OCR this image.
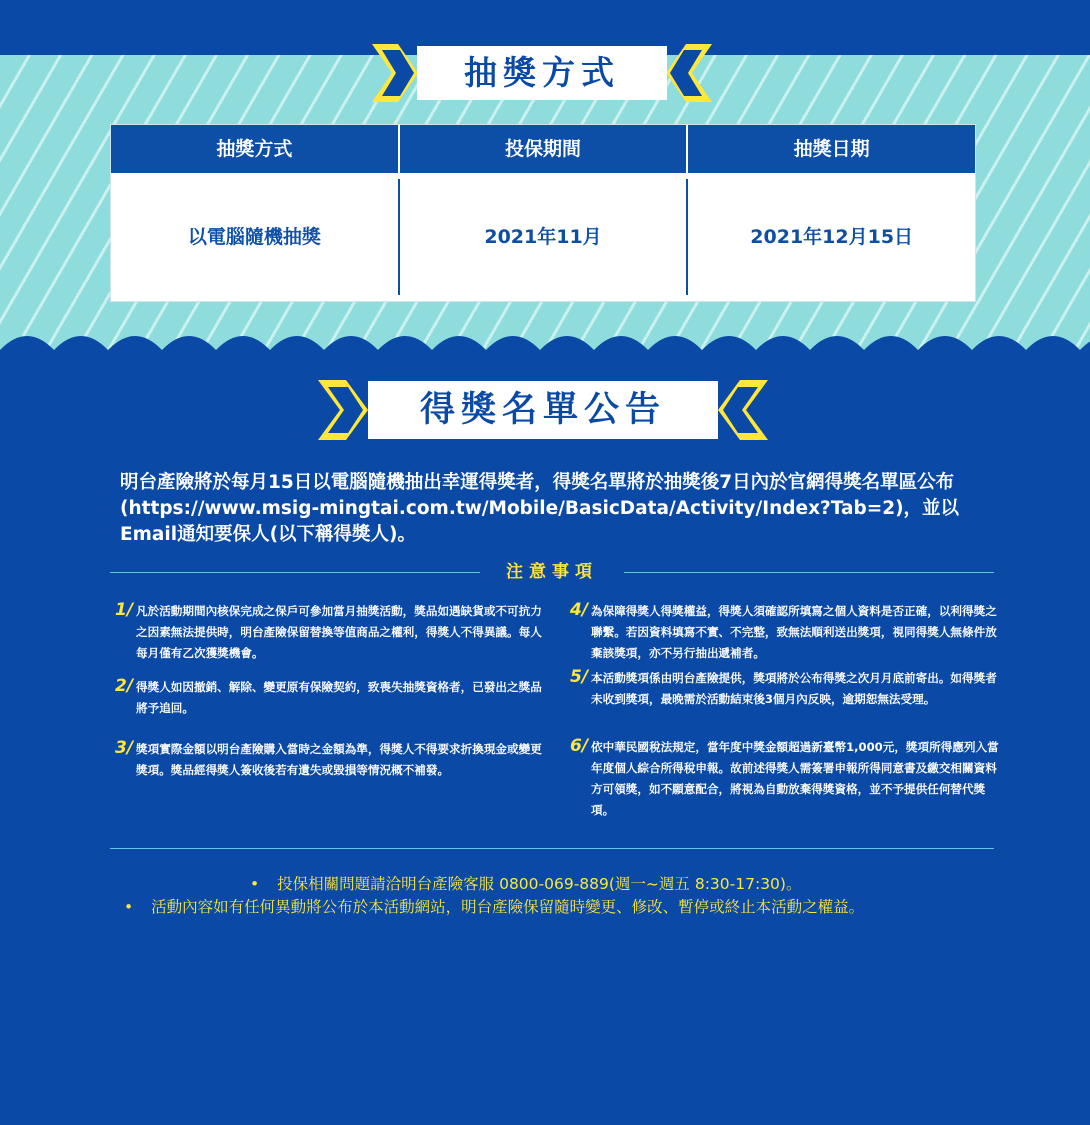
抽獎方式
抽獎方式	投保期間	抽獎日期
以電腦隨機抽獎	2021年11月	2021年12月15日
得獎名單公告
明台產險將於每月15日以電腦隨機抽出幸運得獎者，得獎名單將於抽獎後7日內於官網得獎名單區公布(https://www.msig-mingtai.com.tw/Mobile/BasicData/Activity/Index?Tab=2)，並以Email通知要保人(以下稱得獎人)。
注意事項
1/ 凡於活動期間內核保完成之保戶可參加當月抽獎活動，獎品如遇缺貨或不可抗力之因素無法提供時，明台產險保留替換等值商品之權利，得獎人不得異議。每人每月僅有乙次獲獎機會。
2/ 得獎人如因撤銷、解除、變更原有保險契約，致喪失抽獎資格者，已發出之獎品將予追回。
3/ 獎項實際金額以明台產險購入當時之金額為準，得獎人不得要求折換現金或變更獎項。獎品經得獎人簽收後若有遺失或毀損等情況概不補發。
4/ 為保障得獎人得獎權益，得獎人須確認所填寫之個人資料是否正確，以利得獎之聯繫。若因資料填寫不實、不完整，致無法順利送出獎項，視同得獎人無條件放棄該獎項，亦不另行抽出遞補者。
5/ 本活動獎項係由明台產險提供，獎項將於公布得獎之次月月底前寄出。如得獎者未收到獎項，最晚需於活動結束後3個月內反映，逾期恕無法受理。
6/ 依中華民國稅法規定，當年度中獎金額超過新臺幣1,000元，獎項所得應列入當年度個人綜合所得稅申報。故前述得獎人需簽署申報所得同意書及繳交相關資料方可領獎，如不願意配合，將視為自動放棄得獎資格，並不予提供任何替代獎項。
• 投保相關問題請洽明台產險客服 0800-069-889(週一~週五 8:30-17:30)。
• 活動內容如有任何異動將公布於本活動網站，明台產險保留隨時變更、修改、暫停或終止本活動之權益。
